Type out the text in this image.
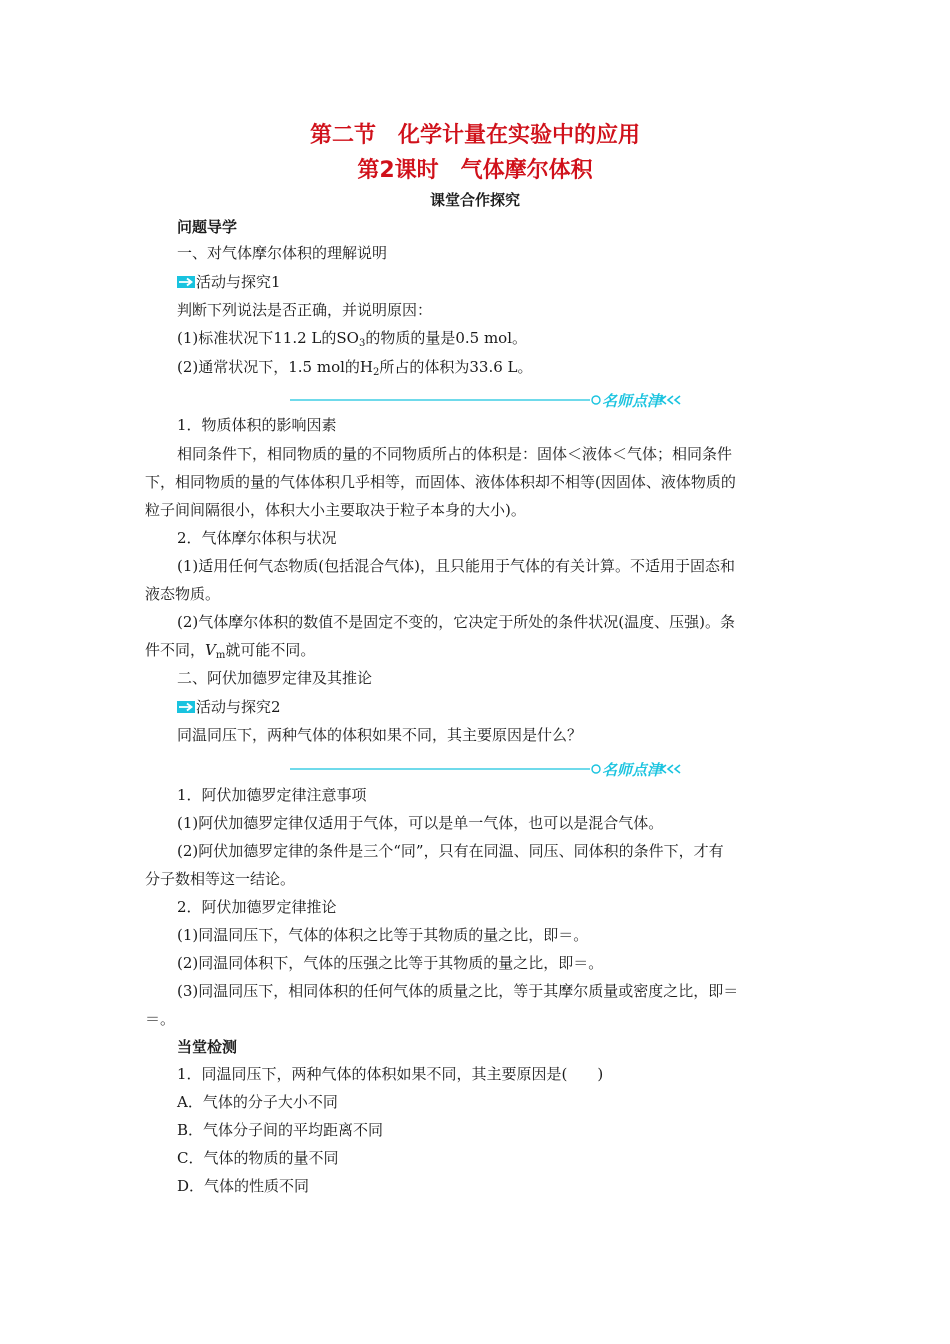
第二节　化学计量在实验中的应用
第2课时　气体摩尔体积
课堂合作探究
问题导学
一、对气体摩尔体积的理解说明
活动与探究1
判断下列说法是否正确，并说明原因：
(1)标准状况下11.2 L的$SO_3$的物质的量是0.5 mol。
(2)通常状况下，1.5 mol的$H_2$所占的体积为33.6 L。
名师点津
1．物质体积的影响因素
相同条件下，相同物质的量的不同物质所占的体积是：固体＜液体＜气体；相同条件
下，相同物质的量的气体体积几乎相等，而固体、液体体积却不相等(因固体、液体物质的
粒子间间隔很小，体积大小主要取决于粒子本身的大小)。
2．气体摩尔体积与状况
(1)适用任何气态物质(包括混合气体)，且只能用于气体的有关计算。不适用于固态和
液态物质。
(2)气体摩尔体积的数值不是固定不变的，它决定于所处的条件状况(温度、压强)。条
件不同，$V_m$就可能不同。
二、阿伏加德罗定律及其推论
活动与探究2
同温同压下，两种气体的体积如果不同，其主要原因是什么？
名师点津
1．阿伏加德罗定律注意事项
(1)阿伏加德罗定律仅适用于气体，可以是单一气体，也可以是混合气体。
(2)阿伏加德罗定律的条件是三个“同”，只有在同温、同压、同体积的条件下，才有
分子数相等这一结论。
2．阿伏加德罗定律推论
(1)同温同压下，气体的体积之比等于其物质的量之比，即＝。
(2)同温同体积下，气体的压强之比等于其物质的量之比，即＝。
(3)同温同压下，相同体积的任何气体的质量之比，等于其摩尔质量或密度之比，即＝
＝。
当堂检测
1．同温同压下，两种气体的体积如果不同，其主要原因是(　　)
A．气体的分子大小不同
B．气体分子间的平均距离不同
C．气体的物质的量不同
D．气体的性质不同
